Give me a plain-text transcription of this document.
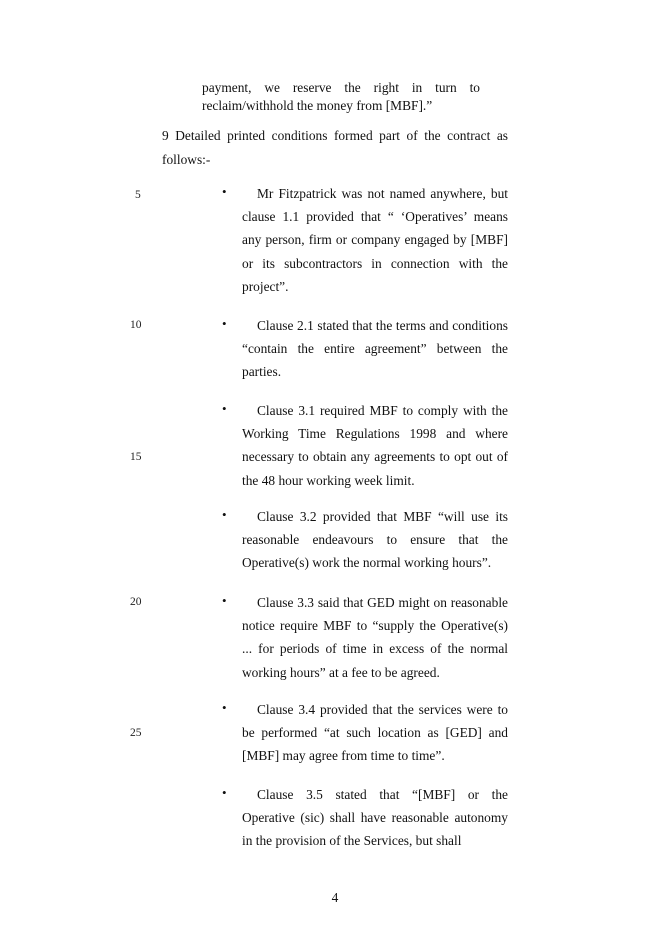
payment, we reserve the right in turn to
reclaim/withhold the money from [MBF].”
9 Detailed printed conditions formed part of the contract as follows:-
5
10
15
20
25
•	Mr Fitzpatrick was not named anywhere, but clause 1.1 provided that “ ‘Operatives’ means any person, firm or company engaged by [MBF] or its subcontractors in connection with the project”.
•	Clause 2.1 stated that the terms and conditions “contain the entire agreement” between the parties.
•	Clause 3.1 required MBF to comply with the Working Time Regulations 1998 and where necessary to obtain any agreements to opt out of the 48 hour working week limit.
•	Clause 3.2 provided that MBF “will use its reasonable endeavours to ensure that the Operative(s) work the normal working hours”.
•	Clause 3.3 said that GED might on reasonable notice require MBF to “supply the Operative(s) ... for periods of time in excess of the normal working hours” at a fee to be agreed.
•	Clause 3.4 provided that the services were to be performed “at such location as [GED] and [MBF] may agree from time to time”.
•	Clause 3.5 stated that “[MBF] or the Operative (sic) shall have reasonable autonomy in the provision of the Services, but shall
4
